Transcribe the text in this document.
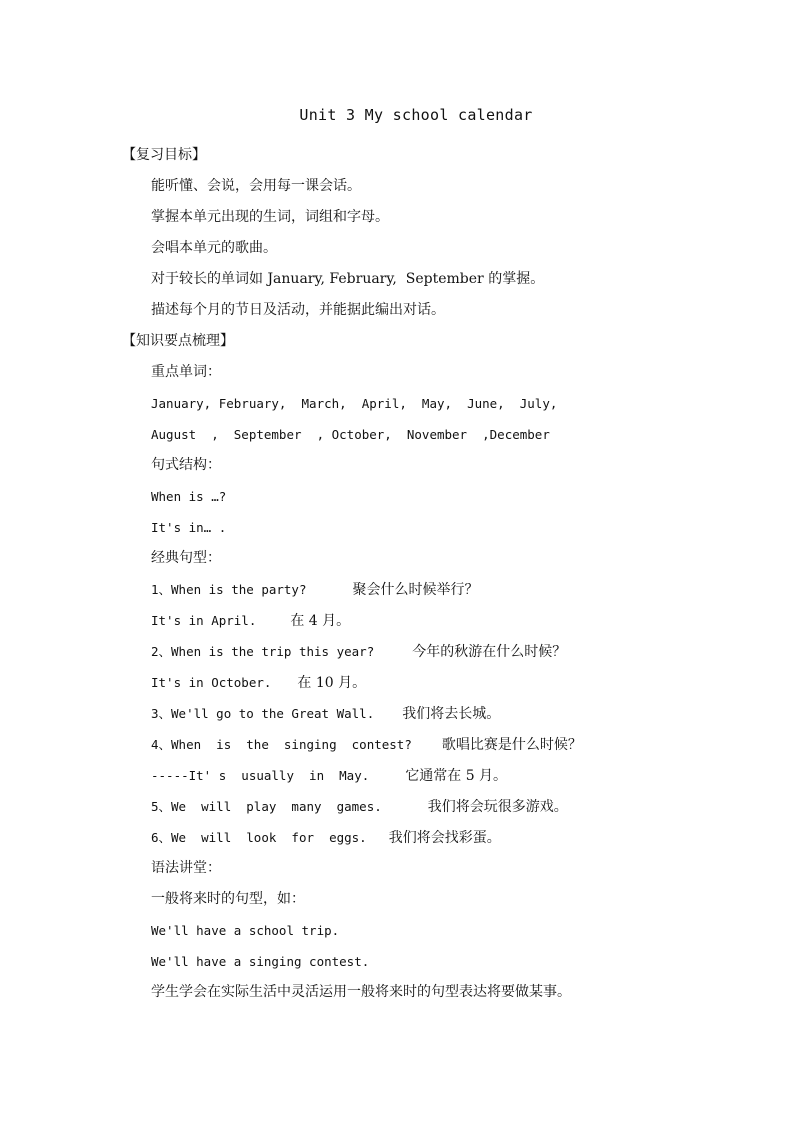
Unit 3 My school calendar
【复习目标】
能听懂、会说，会用每一课会话。
掌握本单元出现的生词，词组和字母。
会唱本单元的歌曲。
对于较长的单词如 January, February,  September 的掌握。
描述每个月的节日及活动，并能据此编出对话。
【知识要点梳理】
重点单词：
January, February,  March,  April,  May,  June,  July,
August  ,  September  , October,  November  ,December
句式结构：
When is …?
It's in… .
经典句型：
1、When is the party?	聚会什么时候举行？
It's in April. 在 4 月。
2、When is the trip this year?	今年的秋游在什么时候？
It's in October. 在 10 月。
3、We'll go to the Great Wall. 我们将去长城。
4、When  is  the  singing  contest? 歌唱比赛是什么时候？
-----It' s  usually  in  May.	它通常在 5 月。
5、We  will  play  many  games.	我们将会玩很多游戏。
6、We  will  look  for  eggs. 我们将会找彩蛋。
语法讲堂：
一般将来时的句型，如：
We'll have a school trip.
We'll have a singing contest.
学生学会在实际生活中灵活运用一般将来时的句型表达将要做某事。
